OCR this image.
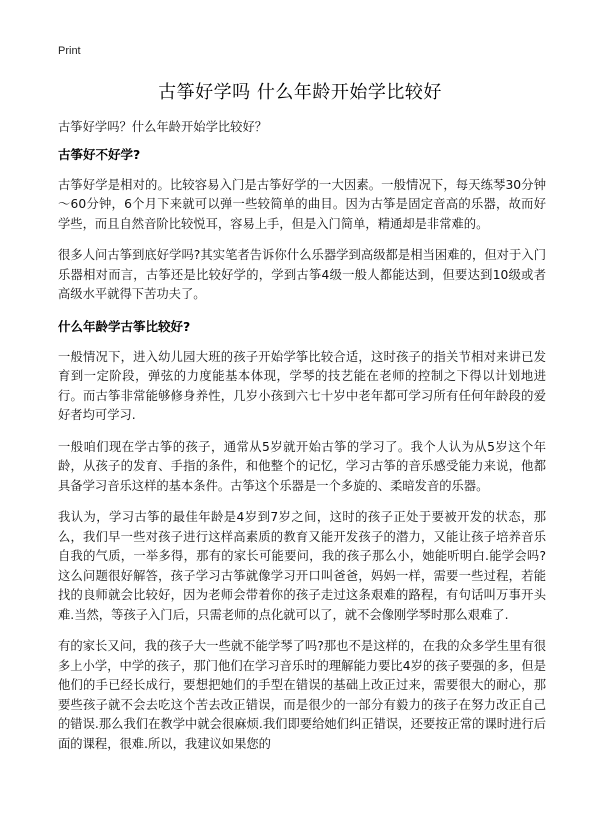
Print
古筝好学吗 什么年龄开始学比较好

古筝好学吗？什么年龄开始学比较好？

古筝好不好学?

古筝好学是相对的。比较容易入门是古筝好学的一大因素。一般情况下，每天练琴30分钟～60分钟，6个月下来就可以弹一些较简单的曲目。因为古筝是固定音高的乐器，故而好学些，而且自然音阶比较悦耳，容易上手，但是入门简单，精通却是非常难的。

很多人问古筝到底好学吗?其实笔者告诉你什么乐器学到高级都是相当困难的，但对于入门乐器相对而言，古筝还是比较好学的，学到古筝4级一般人都能达到，但要达到10级或者高级水平就得下苦功夫了。

什么年龄学古筝比较好?

一般情况下，进入幼儿园大班的孩子开始学筝比较合适，这时孩子的指关节相对来讲已发育到一定阶段，弹弦的力度能基本体现，学琴的技艺能在老师的控制之下得以计划地进行。而古筝非常能够修身养性，几岁小孩到六七十岁中老年都可学习所有任何年龄段的爱好者均可学习.

一般咱们现在学古筝的孩子，通常从5岁就开始古筝的学习了。我个人认为从5岁这个年龄，从孩子的发育、手指的条件，和他整个的记忆，学习古筝的音乐感受能力来说，他都具备学习音乐这样的基本条件。古筝这个乐器是一个多旋的、柔暗发音的乐器。

我认为，学习古筝的最佳年龄是4岁到7岁之间，这时的孩子正处于要被开发的状态，那么，我们早一些对孩子进行这样高素质的教育又能开发孩子的潜力，又能让孩子培养音乐自我的气质，一举多得，那有的家长可能要问，我的孩子那么小，她能听明白.能学会吗?这么问题很好解答，孩子学习古筝就像学习开口叫爸爸，妈妈一样，需要一些过程，若能找的良师就会比较好，因为老师会带着你的孩子走过这条艰难的路程，有句话叫万事开头难.当然，等孩子入门后，只需老师的点化就可以了，就不会像刚学琴时那么艰难了.

有的家长又问，我的孩子大一些就不能学琴了吗?那也不是这样的，在我的众多学生里有很多上小学，中学的孩子，那门他们在学习音乐时的理解能力要比4岁的孩子要强的多，但是他们的手已经长成行，要想把她们的手型在错误的基础上改正过来，需要很大的耐心，那要些孩子就不会去吃这个苦去改正错误，而是很少的一部分有毅力的孩子在努力改正自己的错误.那么我们在教学中就会很麻烦.我们即要给她们纠正错误，还要按正常的课时进行后面的课程，很难.所以，我建议如果您的
